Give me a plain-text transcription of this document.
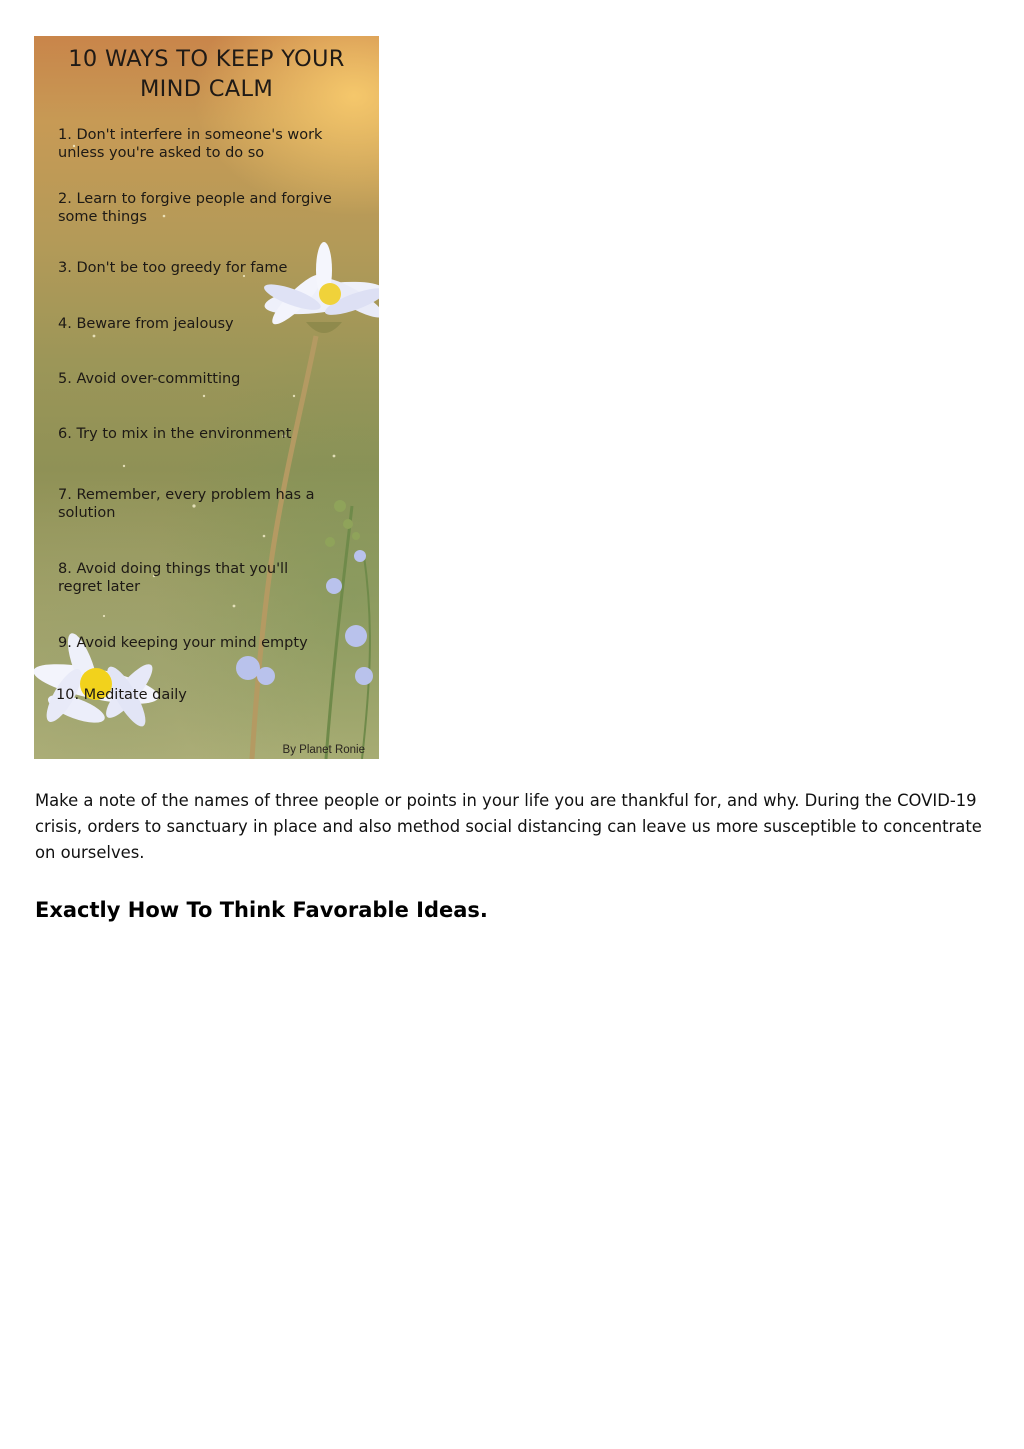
10 WAYS TO KEEP YOUR MIND CALM
1. Don't interfere in someone's work
unless you're asked to do so
2. Learn to forgive people and forgive
some things
3. Don't be too greedy for fame
4. Beware from jealousy
5. Avoid over-committing
6. Try to mix in the environment
7. Remember, every problem has a
solution
8. Avoid doing things that you'll
regret later
9. Avoid keeping your mind empty
10. Meditate daily
By Planet Ronie

Make a note of the names of three people or points in your life you are thankful for, and why. During the COVID-19 crisis, orders to sanctuary in place and also method social distancing can leave us more susceptible to concentrate on ourselves.

Exactly How To Think Favorable Ideas.
